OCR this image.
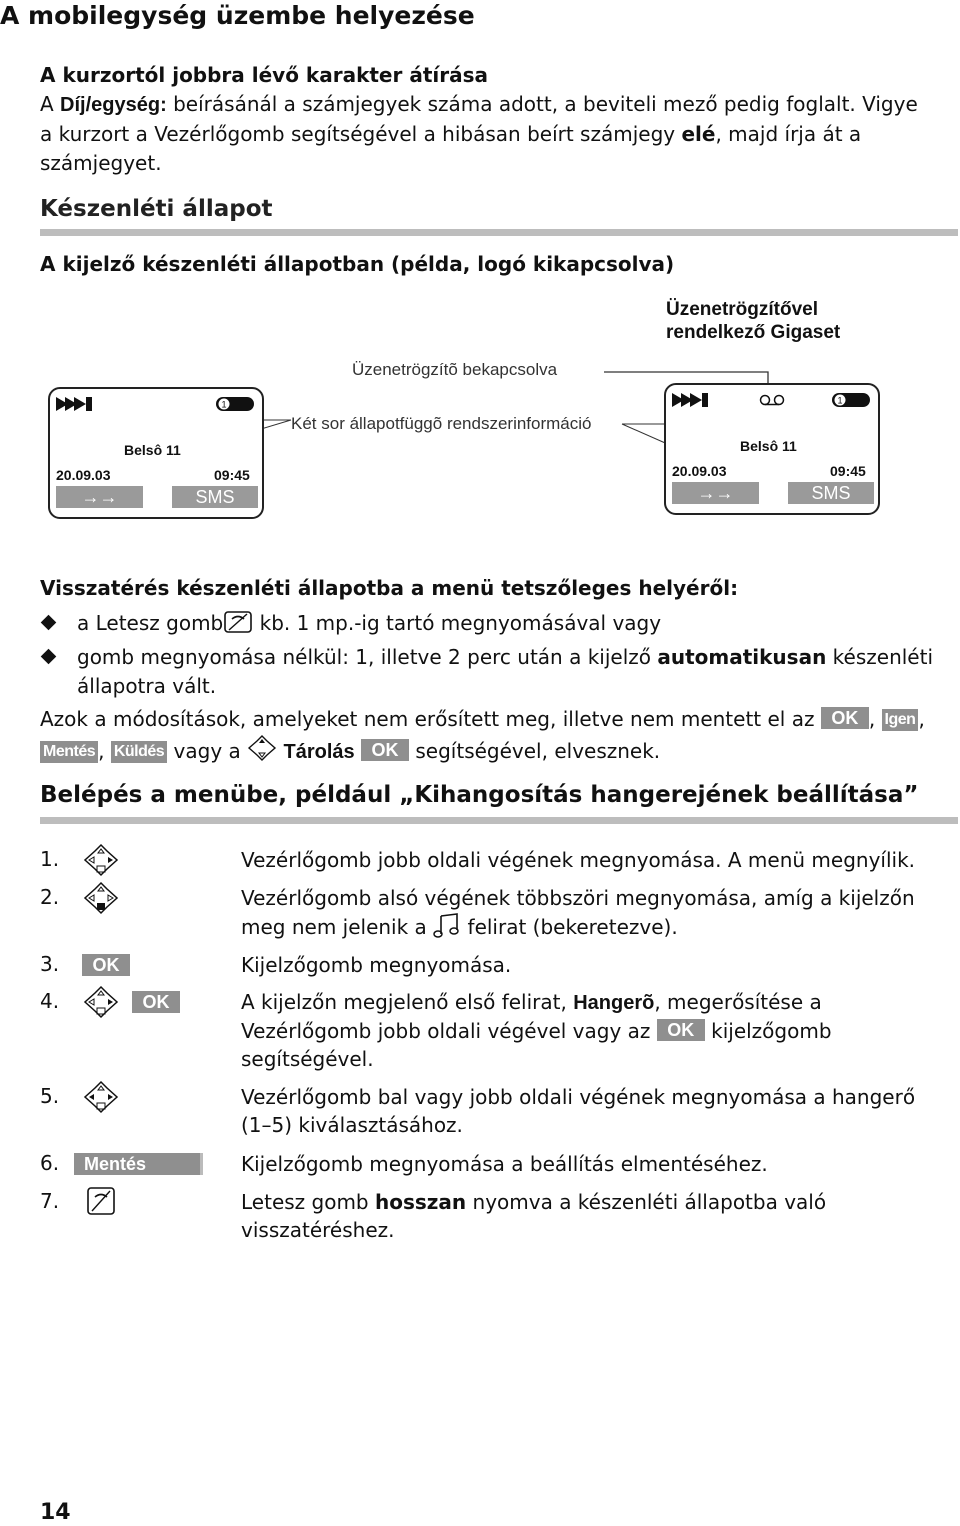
A mobilegység üzembe helyezése
A kurzortól jobbra lévő karakter átírása
A Díj/egység: beírásánál a számjegyek száma adott, a beviteli mező pedig foglalt. Vigye
a kurzort a Vezérlőgomb segítségével a hibásan beírt számjegy elé, majd írja át a
számjegyet.
Készenléti állapot
A kijelző készenléti állapotban (példa, logó kikapcsolva)
Üzenetrögzítővel
rendelkező Gigaset
Üzenetrögzítõ bekapcsolva
Két sor állapotfüggõ rendszerinformáció
1
Belsô 11
20.09.03	09:45
→→	SMS
1
Belsô 11
20.09.03	09:45
→→	SMS
Visszatérés készenléti állapotba a menü tetszőleges helyéről:
a Letesz gomb kb. 1 mp.-ig tartó megnyomásával vagy
gomb megnyomása nélkül: 1, illetve 2 perc után a kijelző automatikusan készenléti
állapotra vált.
Azok a módosítások, amelyeket nem erősített meg, illetve nem mentett el az OK , Igen ,
Mentés , Küldés vagy a  Tárolás OK segítségével, elvesznek.
Belépés a menübe, például „Kihangosítás hangerejének beállítása”
1.	Vezérlőgomb jobb oldali végének megnyomása. A menü megnyílik.
2.	Vezérlőgomb alsó végének többszöri megnyomása, amíg a kijelzőn
meg nem jelenik a  felirat (bekeretezve).
3.	OK	Kijelzőgomb megnyomása.
4.	OK	A kijelzőn megjelenő első felirat, Hangerõ, megerősítése a
Vezérlőgomb jobb oldali végével vagy az OK kijelzőgomb
segítségével.
5.	Vezérlőgomb bal vagy jobb oldali végének megnyomása a hangerő
(1–5) kiválasztásához.
6.	Mentés	Kijelzőgomb megnyomása a beállítás elmentéséhez.
7.	Letesz gomb hosszan nyomva a készenléti állapotba való
visszatéréshez.
14
